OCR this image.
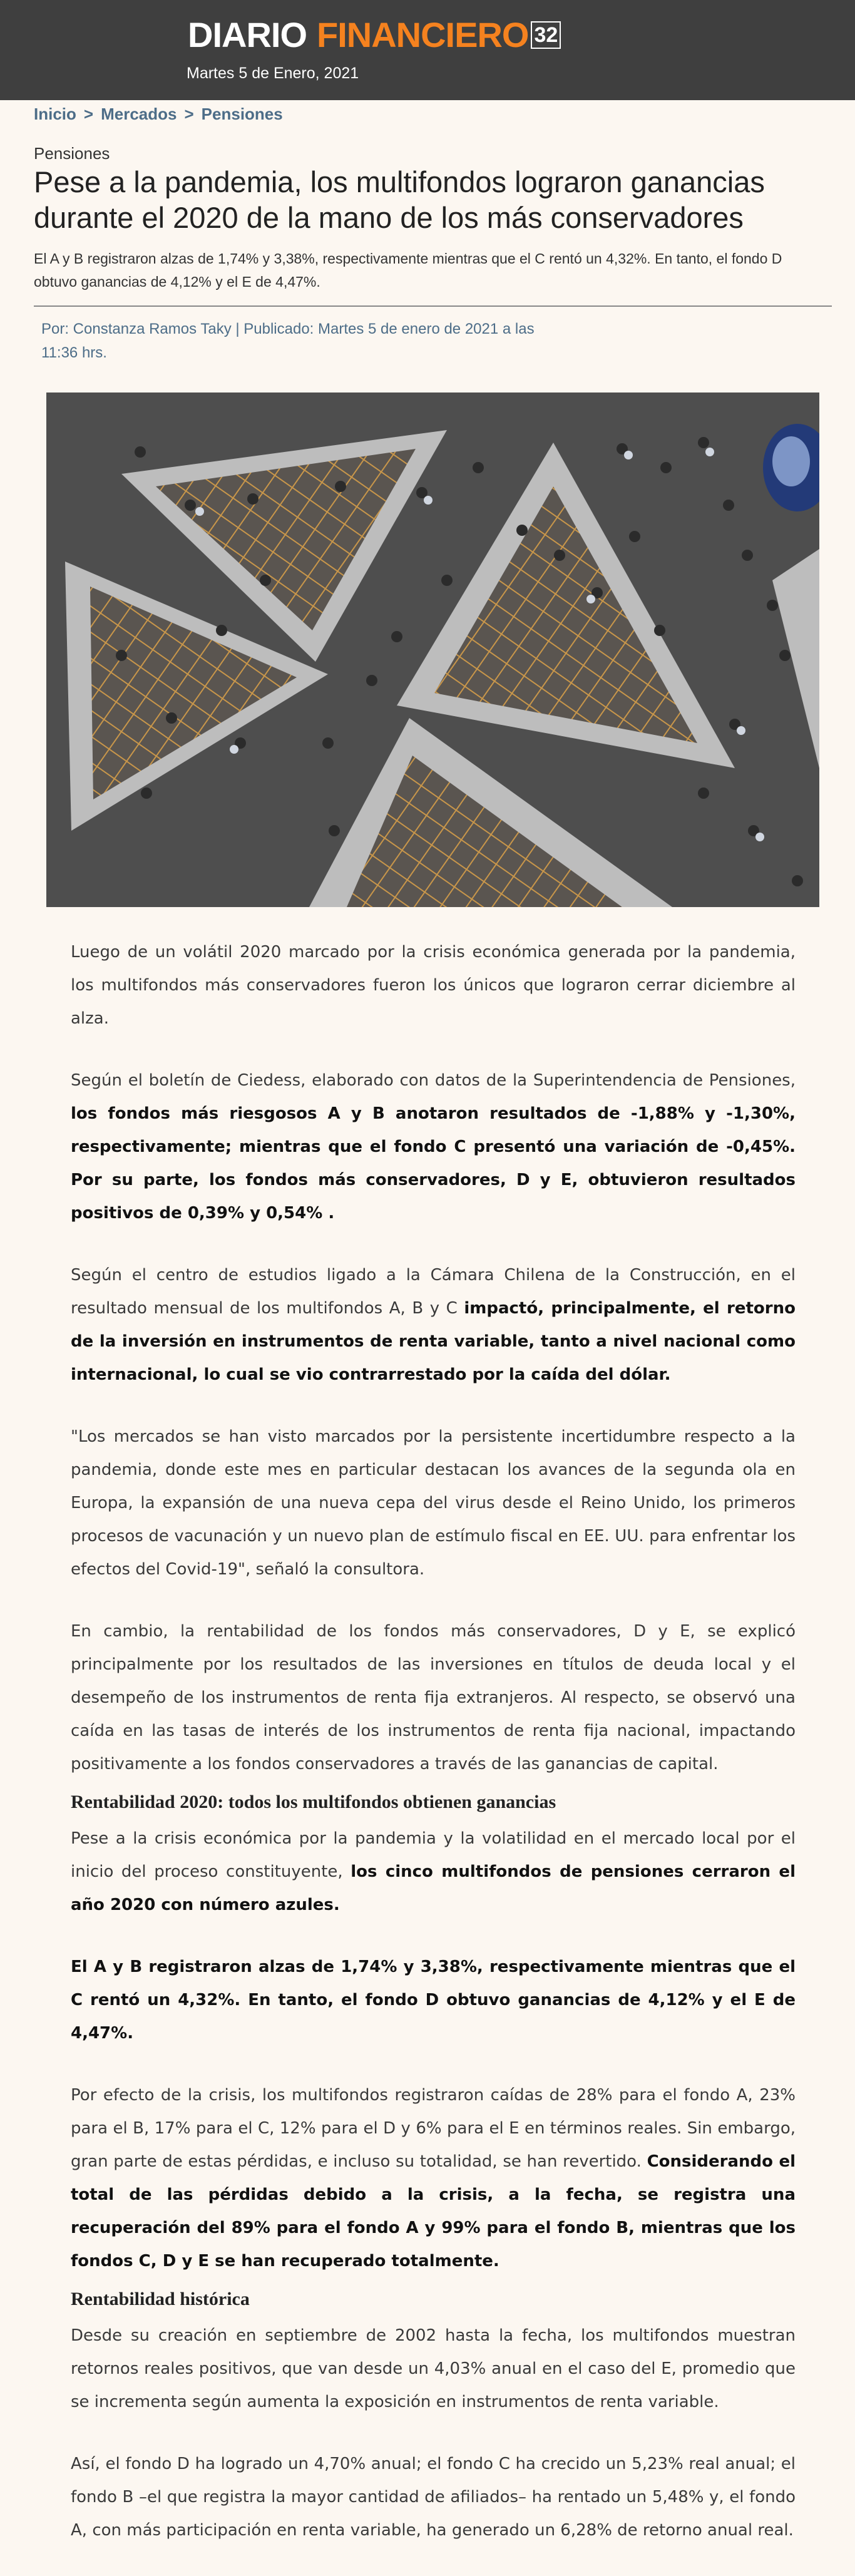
DIARIO FINANCIERO 32
Martes 5 de Enero, 2021
Inicio > Mercados > Pensiones
Pensiones
Pese a la pandemia, los multifondos lograron ganancias durante el 2020 de la mano de los más conservadores

El A y B registraron alzas de 1,74% y 3,38%, respectivamente mientras que el C rentó un 4,32%. En tanto, el fondo D obtuvo ganancias de 4,12% y el E de 4,47%.

Por: Constanza Ramos Taky | Publicado: Martes 5 de enero de 2021 a las 11:36 hrs.

Luego de un volátil 2020 marcado por la crisis económica generada por la pandemia, los multifondos más conservadores fueron los únicos que lograron cerrar diciembre al alza.

Según el boletín de Ciedess, elaborado con datos de la Superintendencia de Pensiones, los fondos más riesgosos A y B anotaron resultados de -1,88% y -1,30%, respectivamente; mientras que el fondo C presentó una variación de -0,45%. Por su parte, los fondos más conservadores, D y E, obtuvieron resultados positivos de 0,39% y 0,54% .

Según el centro de estudios ligado a la Cámara Chilena de la Construcción, en el resultado mensual de los multifondos A, B y C impactó, principalmente, el retorno de la inversión en instrumentos de renta variable, tanto a nivel nacional como internacional, lo cual se vio contrarrestado por la caída del dólar.

"Los mercados se han visto marcados por la persistente incertidumbre respecto a la pandemia, donde este mes en particular destacan los avances de la segunda ola en Europa, la expansión de una nueva cepa del virus desde el Reino Unido, los primeros procesos de vacunación y un nuevo plan de estímulo fiscal en EE. UU. para enfrentar los efectos del Covid-19", señaló la consultora.

En cambio, la rentabilidad de los fondos más conservadores, D y E, se explicó principalmente por los resultados de las inversiones en títulos de deuda local y el desempeño de los instrumentos de renta fija extranjeros. Al respecto, se observó una caída en las tasas de interés de los instrumentos de renta fija nacional, impactando positivamente a los fondos conservadores a través de las ganancias de capital.

Rentabilidad 2020: todos los multifondos obtienen ganancias

Pese a la crisis económica por la pandemia y la volatilidad en el mercado local por el inicio del proceso constituyente, los cinco multifondos de pensiones cerraron el año 2020 con número azules.

El A y B registraron alzas de 1,74% y 3,38%, respectivamente mientras que el C rentó un 4,32%. En tanto, el fondo D obtuvo ganancias de 4,12% y el E de 4,47%.

Por efecto de la crisis, los multifondos registraron caídas de 28% para el fondo A, 23% para el B, 17% para el C, 12% para el D y 6% para el E en términos reales. Sin embargo, gran parte de estas pérdidas, e incluso su totalidad, se han revertido. Considerando el total de las pérdidas debido a la crisis, a la fecha, se registra una recuperación del 89% para el fondo A y 99% para el fondo B, mientras que los fondos C, D y E se han recuperado totalmente.

Rentabilidad histórica

Desde su creación en septiembre de 2002 hasta la fecha, los multifondos muestran retornos reales positivos, que van desde un 4,03% anual en el caso del E, promedio que se incrementa según aumenta la exposición en instrumentos de renta variable.

Así, el fondo D ha logrado un 4,70% anual; el fondo C ha crecido un 5,23% real anual; el fondo B –el que registra la mayor cantidad de afiliados– ha rentado un 5,48% y, el fondo A, con más participación en renta variable, ha generado un 6,28% de retorno anual real.
